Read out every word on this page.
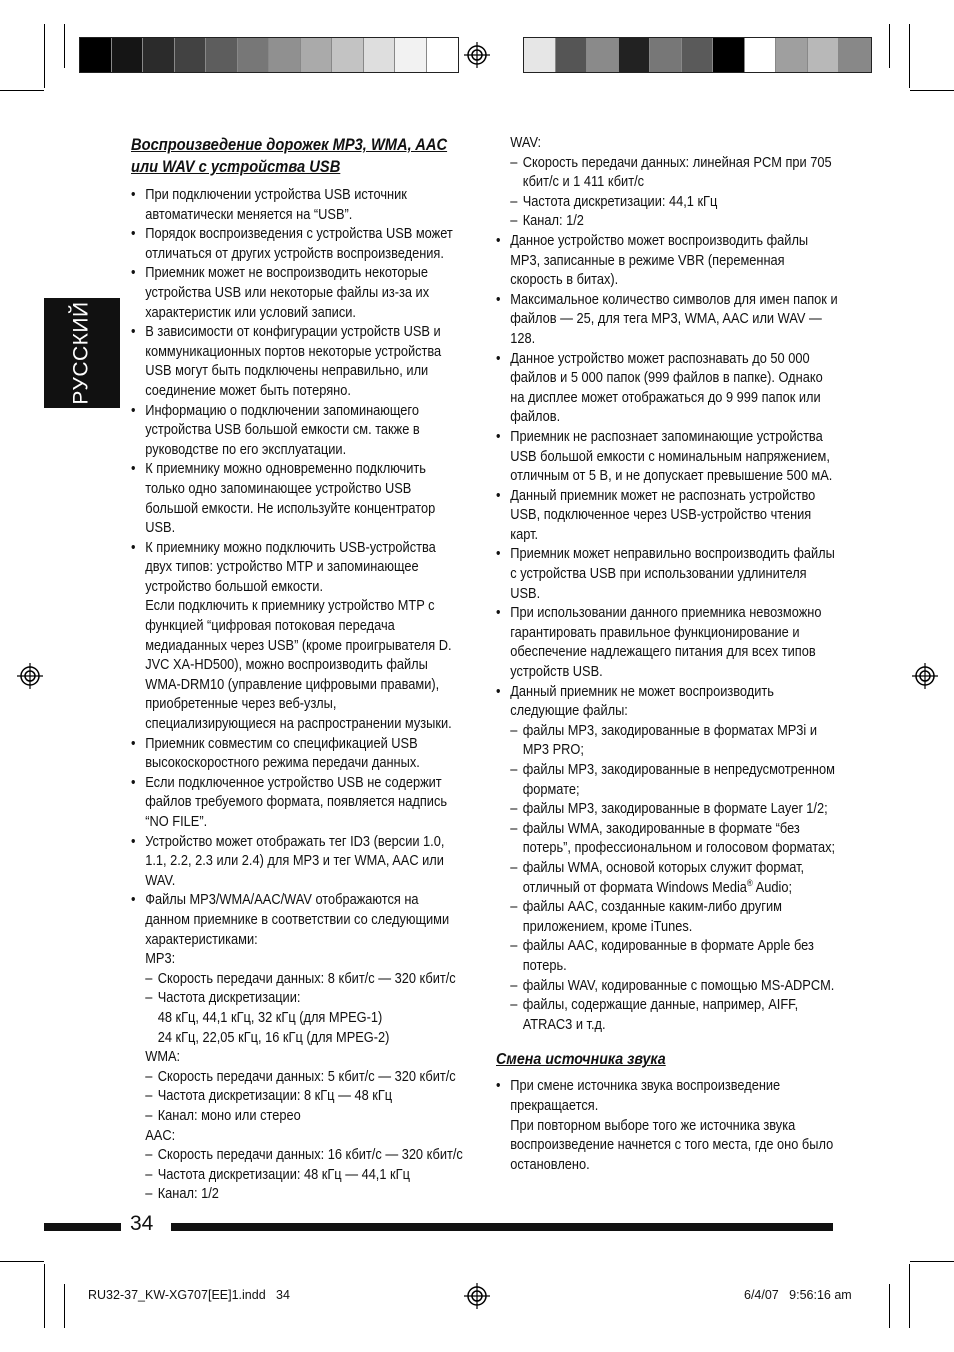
РУССКИЙ
Воспроизведение дорожек MP3, WMA, AAC
или WAV с устройства USB
• При подключении устройства USB источник автоматически меняется на “USB”.
• Порядок воспроизведения с устройства USB может отличаться от других устройств воспроизведения.
• Приемник может не воспроизводить некоторые устройства USB или некоторые файлы из-за их характеристик или условий записи.
• В зависимости от конфигурации устройств USB и коммуникационных портов некоторые устройства USB могут быть подключены неправильно, или соединение может быть потеряно.
• Информацию о подключении запоминающего устройства USB большой емкости см. также в руководстве по его эксплуатации.
• К приемнику можно одновременно подключить только одно запоминающее устройство USB большой емкости. Не используйте концентратор USB.
• К приемнику можно подключить USB-устройства двух типов: устройство MTP и запоминающее устройство большой емкости.
Если подключить к приемнику устройство MTP с функцией “цифровая потоковая передача медиаданных через USB” (кроме проигрывателя D. JVC XA-HD500), можно воспроизводить файлы WMA-DRM10 (управление цифровыми правами), приобретенные через веб-узлы, специализирующиеся на распространении музыки.
• Приемник совместим со спецификацией USB высокоскоростного режима передачи данных.
• Если подключенное устройство USB не содержит файлов требуемого формата, появляется надпись “NO FILE”.
• Устройство может отображать тег ID3 (версии 1.0, 1.1, 2.2, 2.3 или 2.4) для MP3 и тег WMA, AAC или WAV.
• Файлы MP3/WMA/AAC/WAV отображаются на данном приемнике в соответствии со следующими характеристиками:
MP3:
– Скорость передачи данных: 8 кбит/с — 320 кбит/с
– Частота дискретизации:
48 кГц, 44,1 кГц, 32 кГц (для MPEG-1)
24 кГц, 22,05 кГц, 16 кГц (для MPEG-2)
WMA:
– Скорость передачи данных: 5 кбит/с — 320 кбит/с
– Частота дискретизации: 8 кГц — 48 кГц
– Канал: моно или стерео
AAC:
– Скорость передачи данных: 16 кбит/с — 320 кбит/с
– Частота дискретизации: 48 кГц — 44,1 кГц
– Канал: 1/2
WAV:
– Скорость передачи данных: линейная PCM при 705 кбит/с и 1 411 кбит/с
– Частота дискретизации: 44,1 кГц
– Канал: 1/2
• Данное устройство может воспроизводить файлы MP3, записанные в режиме VBR (переменная скорость в битах).
• Максимальное количество символов для имен папок и файлов — 25, для тега MP3, WMA, AAC или WAV — 128.
• Данное устройство может распознавать до 50 000 файлов и 5 000 папок (999 файлов в папке). Однако на дисплее может отображаться до 9 999 папок или файлов.
• Приемник не распознает запоминающие устройства USB большой емкости с номинальным напряжением, отличным от 5 В, и не допускает превышение 500 мА.
• Данный приемник может не распознать устройство USB, подключенное через USB-устройство чтения карт.
• Приемник может неправильно воспроизводить файлы с устройства USB при использовании удлинителя USB.
• При использовании данного приемника невозможно гарантировать правильное функционирование и обеспечение надлежащего питания для всех типов устройств USB.
• Данный приемник не может воспроизводить следующие файлы:
– файлы MP3, закодированные в форматах MP3i и MP3 PRO;
– файлы MP3, закодированные в непредусмотренном формате;
– файлы MP3, закодированные в формате Layer 1/2;
– файлы WMA, закодированные в формате “без потерь”, профессиональном и голосовом форматах;
– файлы WMA, основой которых служит формат, отличный от формата Windows Media® Audio;
– файлы AAC, созданные каким-либо другим приложением, кроме iTunes.
– файлы AAC, кодированные в формате Apple без потерь.
– файлы WAV, кодированные с помощью MS-ADPCM.
– файлы, содержащие данные, например, AIFF, ATRAC3 и т.д.
Смена источника звука
• При смене источника звука воспроизведение прекращается.
При повторном выборе того же источника звука воспроизведение начнется с того места, где оно было остановлено.
34
RU32-37_KW-XG707[EE]1.indd   34	6/4/07   9:56:16 am
